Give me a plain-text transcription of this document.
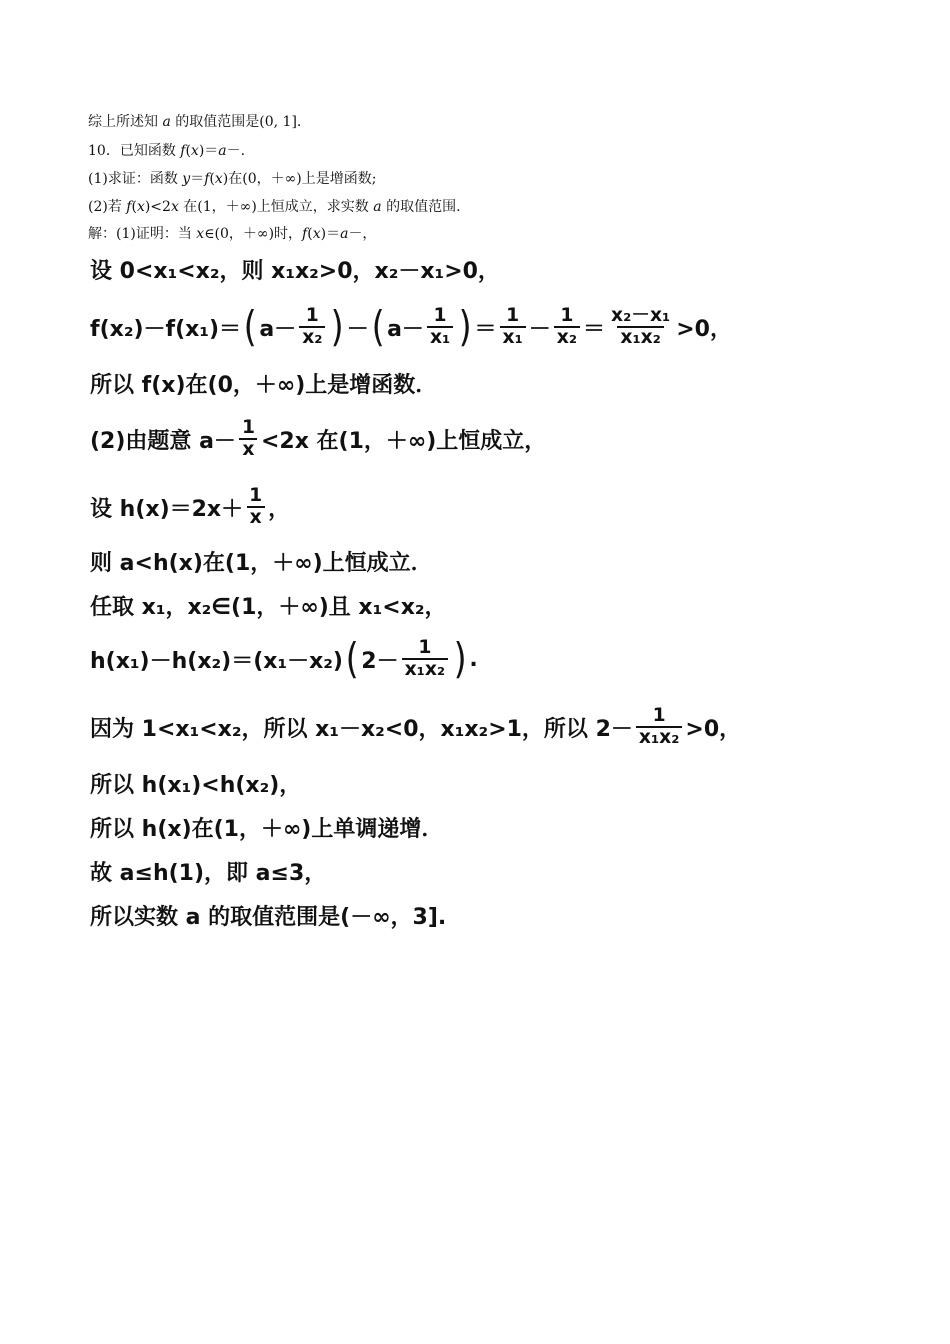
综上所述知 a 的取值范围是(0, 1].
10．已知函数 f(x)＝a－.
(1)求证：函数 y＝f(x)在(0，＋∞)上是增函数;
(2)若 f(x)<2x 在(1，＋∞)上恒成立，求实数 a 的取值范围.
解：(1)证明：当 x∈(0，＋∞)时，f(x)＝a－，
设 0<x₁<x₂，则 x₁x₂>0，x₂－x₁>0，
f(x₂)－f(x₁)＝ ( $a- \frac{1}{\text{x₂}}$ ) － ( $a- \frac{1}{\text{x₁}}$ ) ＝ $\frac{1}{\text{x₁}} - \frac{1}{\text{x₂}} = \frac{\text{x₂－x₁}}{\text{x₁x₂}} >0$，
所以 f(x)在(0，＋∞)上是增函数．
(2)由题意 $a- \frac{1}{x} <2x$ 在(1，＋∞)上恒成立，
设 $h(x)=2x+ \frac{1}{x}$ ，
则 a<h(x)在(1，＋∞)上恒成立．
任取 x₁，x₂∈(1，＋∞)且 x₁<x₂，
h(x₁)－h(x₂)＝(x₁－x₂) ( $2- \frac{1}{\text{x₁x₂}}$ ) .
因为 1<x₁<x₂，所以 x₁－x₂<0，x₁x₂>1，所以 $2- \frac{1}{\text{x₁x₂}} >0$，
所以 h(x₁)<h(x₂)，
所以 h(x)在(1，＋∞)上单调递增．
故 a≤h(1)，即 a≤3，
所以实数 a 的取值范围是(－∞，3].
